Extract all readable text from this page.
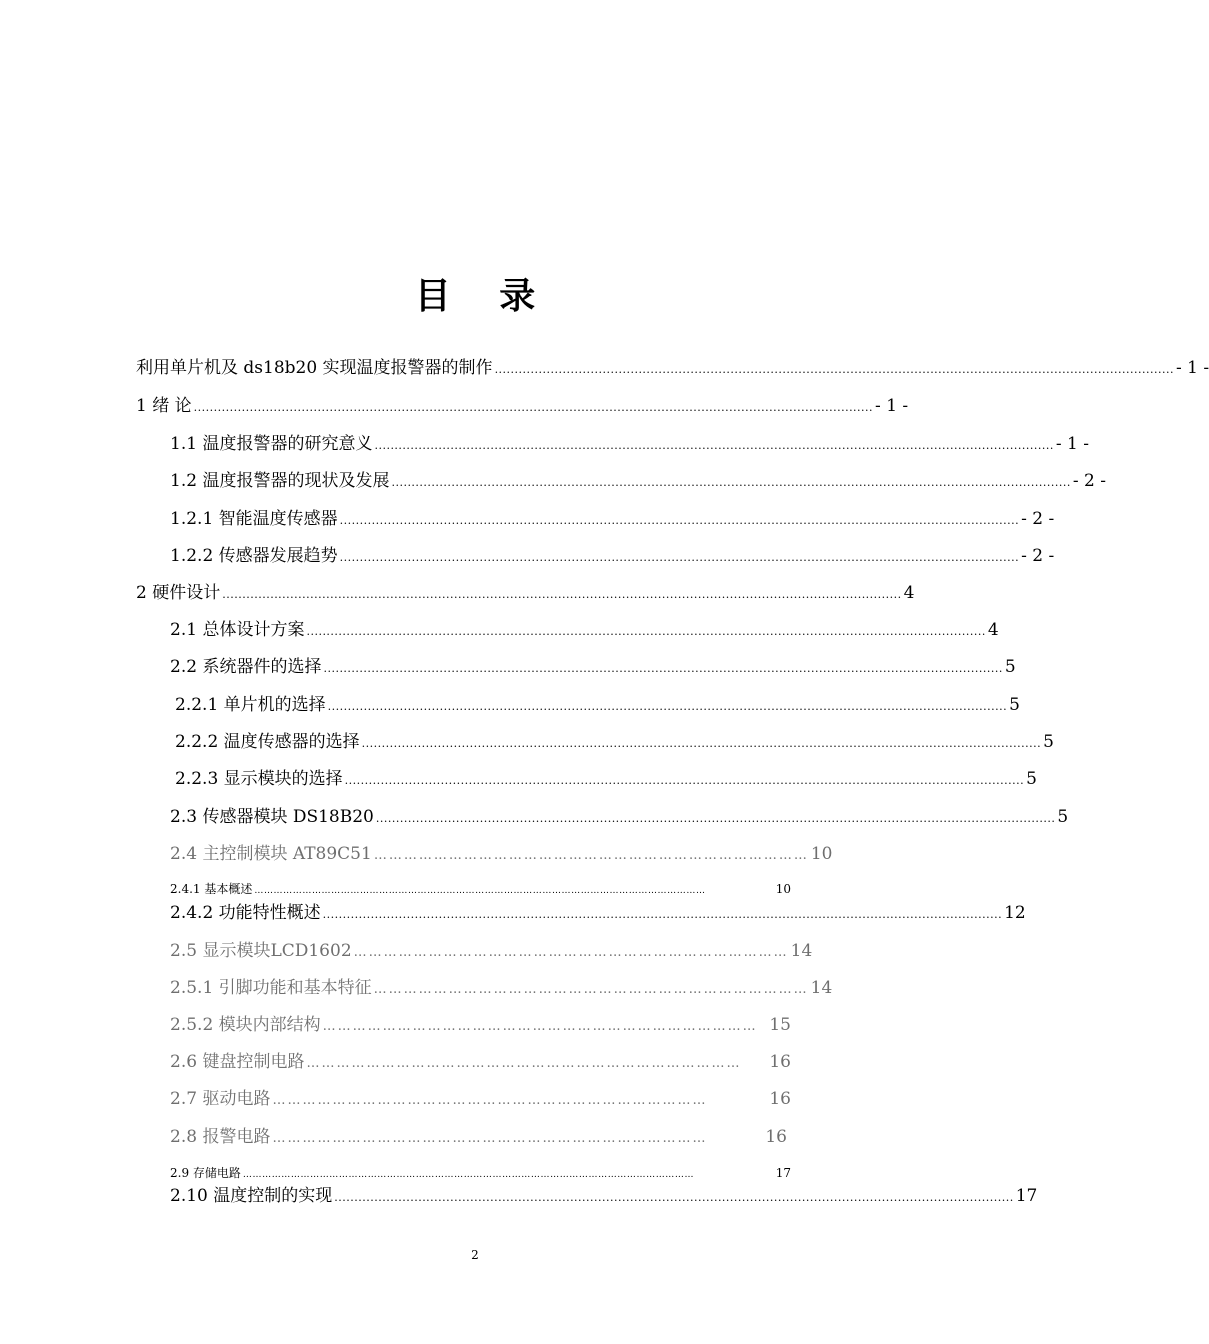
目 录
利用单片机及 ds18b20 实现温度报警器的制作 .......................................................................................................................................................................... - 1 -
1 绪 论 .......................................................................................................................................................................... - 1 -
1.1 温度报警器的研究意义 .......................................................................................................................................................................... - 1 -
1.2 温度报警器的现状及发展 .......................................................................................................................................................................... - 2 -
1.2.1 智能温度传感器 .......................................................................................................................................................................... - 2 -
1.2.2 传感器发展趋势 .......................................................................................................................................................................... - 2 -
2 硬件设计 .......................................................................................................................................................................... 4
2.1 总体设计方案 .......................................................................................................................................................................... 4
2.2 系统器件的选择 .......................................................................................................................................................................... 5
2.2.1 单片机的选择 .......................................................................................................................................................................... 5
2.2.2 温度传感器的选择 .......................................................................................................................................................................... 5
2.2.3 显示模块的选择 .......................................................................................................................................................................... 5
2.3 传感器模块 DS18B20 .......................................................................................................................................................................... 5
2.4 主控制模块 AT89C51 …………………………………………………………………………… 10
2.4.1 基本概述 ……………………………………………………………………………………………………………………………	10
2.4.2 功能特性概述 .......................................................................................................................................................................... 12
2.5 显示模块LCD1602 …………………………………………………………………………… 14
2.5.1 引脚功能和基本特征 …………………………………………………………………………… 14
2.5.2 模块内部结构 …………………………………………………………………………… 15
2.6 键盘控制电路 ……………………………………………………………………………	16
2.7 驱动电路 ……………………………………………………………………………	16
2.8 报警电路 ……………………………………………………………………………	16
2.9 存储电路 ……………………………………………………………………………………………………………………………	17
2.10 温度控制的实现 .......................................................................................................................................................................... 17
2
